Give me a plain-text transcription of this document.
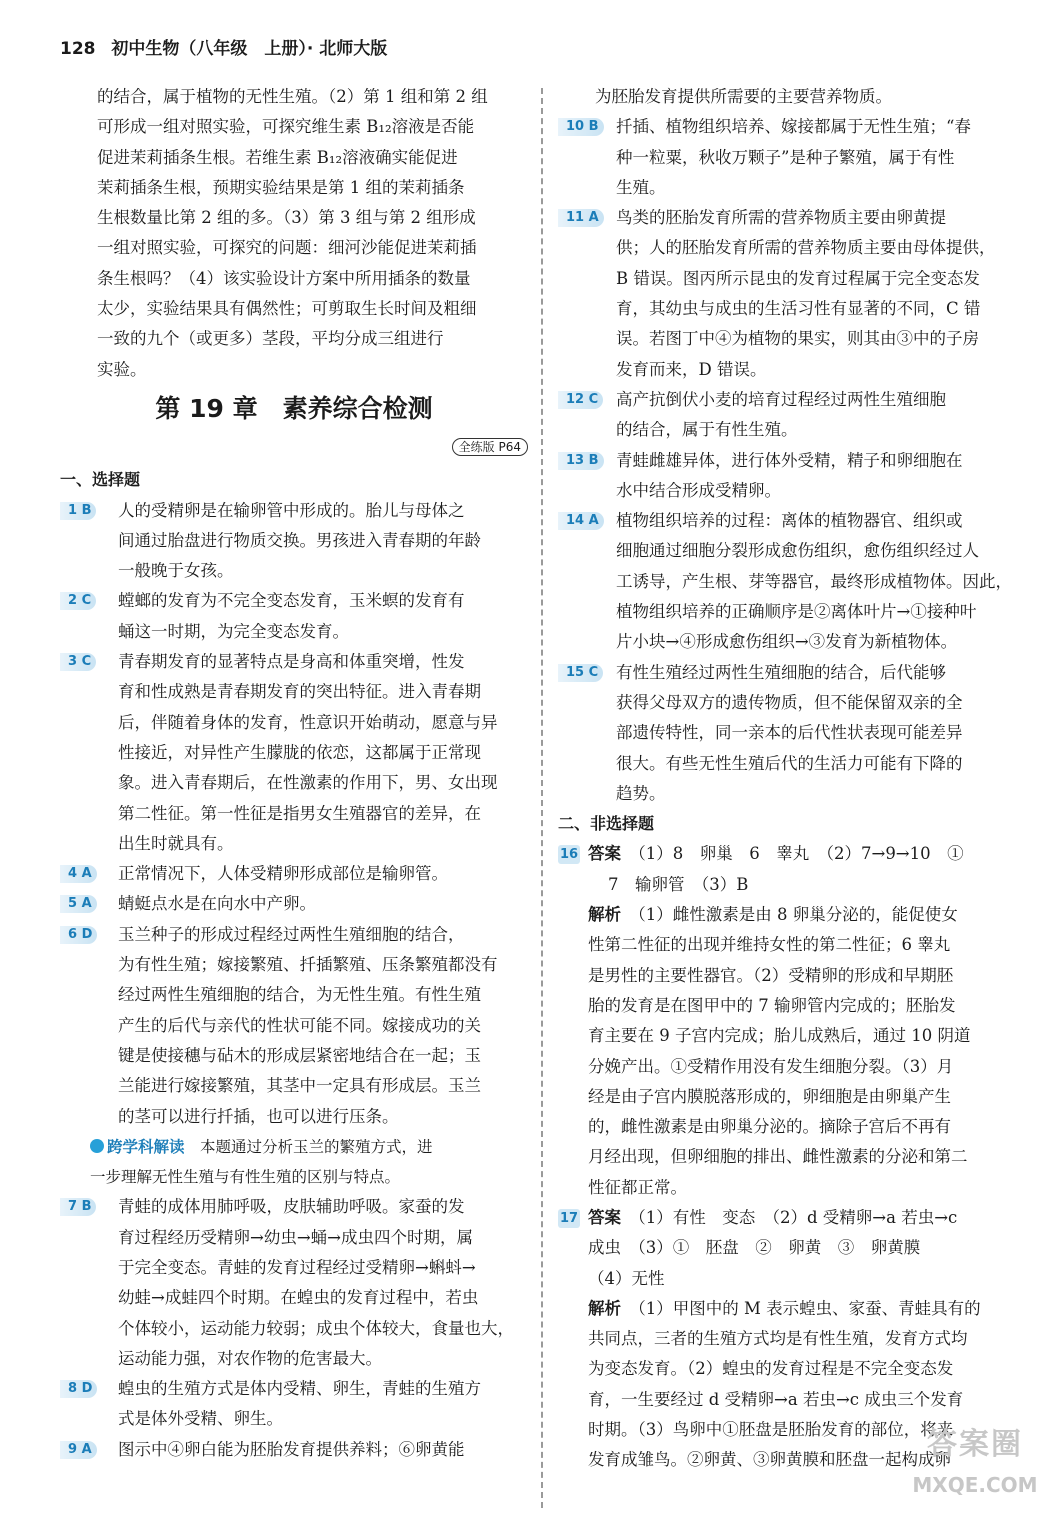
128 初中生物（八年级　上册）· 北师大版
的结合，属于植物的无性生殖。（2）第 1 组和第 2 组
可形成一组对照实验，可探究维生素 B₁₂溶液是否能
促进茉莉插条生根。若维生素 B₁₂溶液确实能促进
茉莉插条生根，预期实验结果是第 1 组的茉莉插条
生根数量比第 2 组的多。（3）第 3 组与第 2 组形成
一组对照实验，可探究的问题：细河沙能促进茉莉插
条生根吗？（4）该实验设计方案中所用插条的数量
太少，实验结果具有偶然性；可剪取生长时间及粗细
一致的九个（或更多）茎段，平均分成三组进行
实验。
第 19 章　素养综合检测
全练版 P64
一、选择题
1 B	人的受精卵是在输卵管中形成的。胎儿与母体之
间通过胎盘进行物质交换。男孩进入青春期的年龄
一般晚于女孩。
2 C	螳螂的发育为不完全变态发育，玉米螟的发育有
蛹这一时期，为完全变态发育。
3 C	青春期发育的显著特点是身高和体重突增，性发
育和性成熟是青春期发育的突出特征。进入青春期
后，伴随着身体的发育，性意识开始萌动，愿意与异
性接近，对异性产生朦胧的依恋，这都属于正常现
象。进入青春期后，在性激素的作用下，男、女出现
第二性征。第一性征是指男女生殖器官的差异，在
出生时就具有。
4 A	正常情况下，人体受精卵形成部位是输卵管。
5 A	蜻蜓点水是在向水中产卵。
6 D	玉兰种子的形成过程经过两性生殖细胞的结合，
为有性生殖；嫁接繁殖、扦插繁殖、压条繁殖都没有
经过两性生殖细胞的结合，为无性生殖。有性生殖
产生的后代与亲代的性状可能不同。嫁接成功的关
键是使接穗与砧木的形成层紧密地结合在一起；玉
兰能进行嫁接繁殖，其茎中一定具有形成层。玉兰
的茎可以进行扦插，也可以进行压条。
跨学科解读　 本题通过分析玉兰的繁殖方式，进
一步理解无性生殖与有性生殖的区别与特点。
7 B	青蛙的成体用肺呼吸，皮肤辅助呼吸。家蚕的发
育过程经历受精卵→幼虫→蛹→成虫四个时期，属
于完全变态。青蛙的发育过程经过受精卵→蝌蚪→
幼蛙→成蛙四个时期。在蝗虫的发育过程中，若虫
个体较小，运动能力较弱；成虫个体较大，食量也大，
运动能力强，对农作物的危害最大。
8 D	蝗虫的生殖方式是体内受精、卵生，青蛙的生殖方
式是体外受精、卵生。
9 A	图示中④卵白能为胚胎发育提供养料；⑥卵黄能
为胚胎发育提供所需要的主要营养物质。
10 B	扦插、植物组织培养、嫁接都属于无性生殖；“春
种一粒粟，秋收万颗子”是种子繁殖，属于有性
生殖。
11 A	鸟类的胚胎发育所需的营养物质主要由卵黄提
供；人的胚胎发育所需的营养物质主要由母体提供，
B 错误。图丙所示昆虫的发育过程属于完全变态发
育，其幼虫与成虫的生活习性有显著的不同，C 错
误。若图丁中④为植物的果实，则其由③中的子房
发育而来，D 错误。
12 C	高产抗倒伏小麦的培育过程经过两性生殖细胞
的结合，属于有性生殖。
13 B	青蛙雌雄异体，进行体外受精，精子和卵细胞在
水中结合形成受精卵。
14 A	植物组织培养的过程：离体的植物器官、组织或
细胞通过细胞分裂形成愈伤组织，愈伤组织经过人
工诱导，产生根、芽等器官，最终形成植物体。因此，
植物组织培养的正确顺序是②离体叶片→①接种叶
片小块→④形成愈伤组织→③发育为新植物体。
15 C	有性生殖经过两性生殖细胞的结合，后代能够
获得父母双方的遗传物质，但不能保留双亲的全
部遗传特性，同一亲本的后代性状表现可能差异
很大。有些无性生殖后代的生活力可能有下降的
趋势。
二、非选择题
16 答案　 （1）8　卵巢　6　睾丸　（2）7→9→10　①
7　输卵管　（3）B
解析　 （1）雌性激素是由 8 卵巢分泌的，能促使女
性第二性征的出现并维持女性的第二性征；6 睾丸
是男性的主要性器官。（2）受精卵的形成和早期胚
胎的发育是在图甲中的 7 输卵管内完成的；胚胎发
育主要在 9 子宫内完成；胎儿成熟后，通过 10 阴道
分娩产出。①受精作用没有发生细胞分裂。（3）月
经是由子宫内膜脱落形成的，卵细胞是由卵巢产生
的，雌性激素是由卵巢分泌的。摘除子宫后不再有
月经出现，但卵细胞的排出、雌性激素的分泌和第二
性征都正常。
17 答案　 （1）有性　变态　（2）d 受精卵→a 若虫→c
成虫　（3）①　胚盘　②　卵黄　③　卵黄膜
（4）无性
解析　 （1）甲图中的 M 表示蝗虫、家蚕、青蛙具有的
共同点，三者的生殖方式均是有性生殖，发育方式均
为变态发育。（2）蝗虫的发育过程是不完全变态发
育，一生要经过 d 受精卵→a 若虫→c 成虫三个发育
时期。（3）鸟卵中①胚盘是胚胎发育的部位，将来
发育成雏鸟。②卵黄、③卵黄膜和胚盘一起构成卵
答案圈
MXQE.COM
